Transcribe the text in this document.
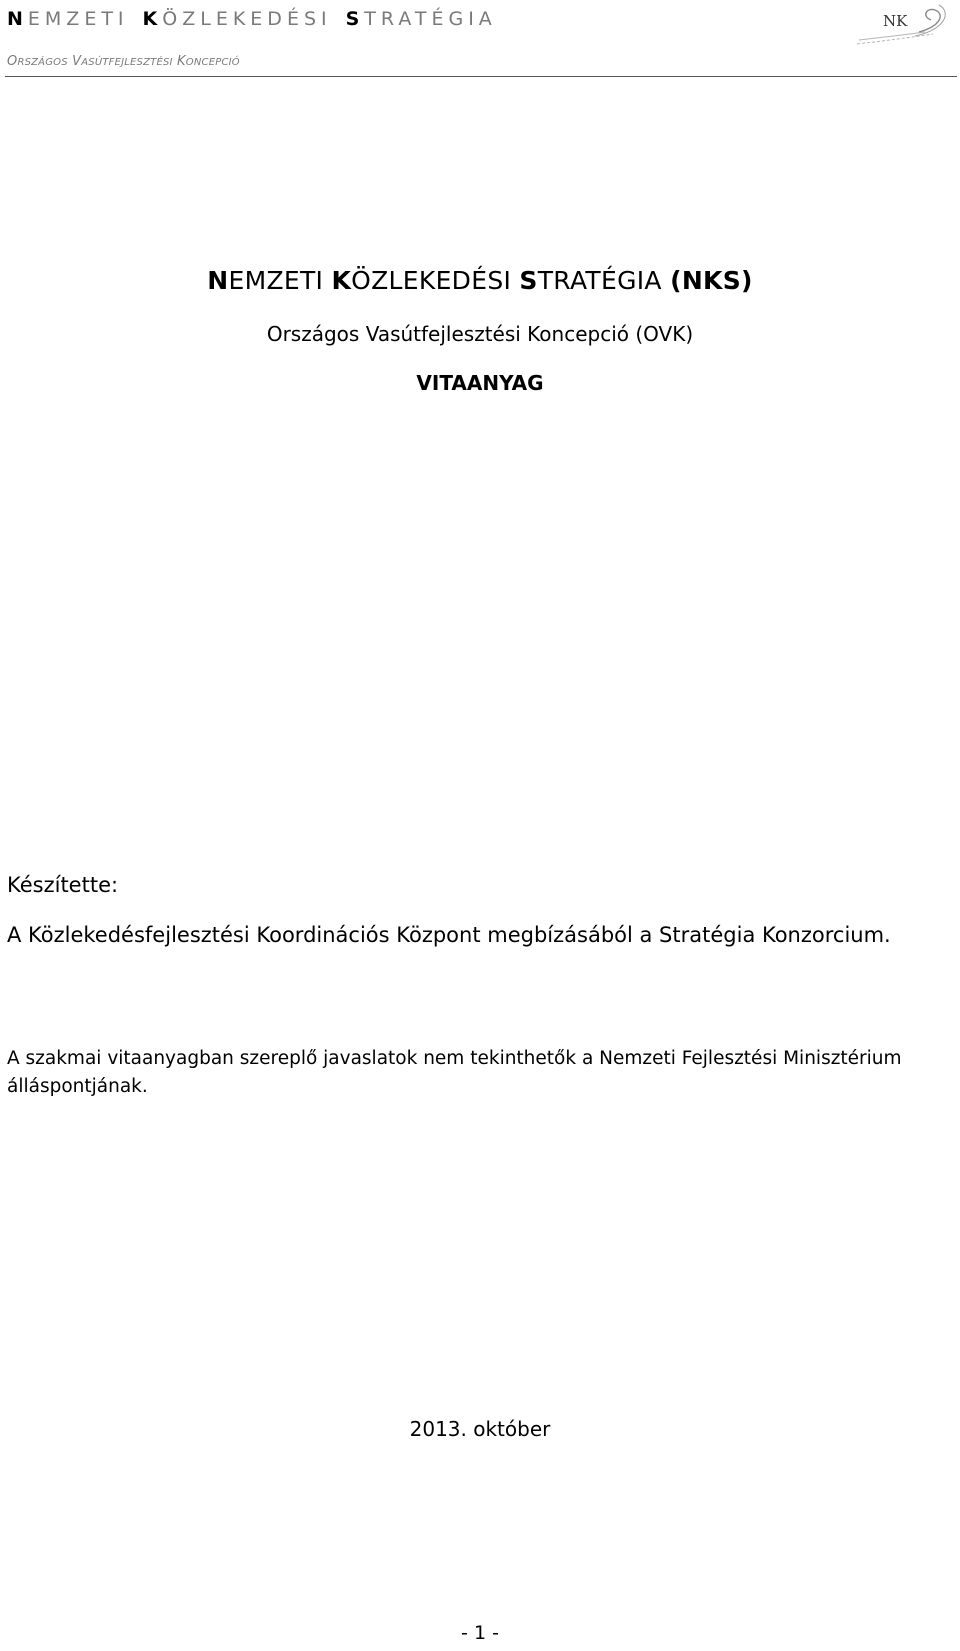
NEMZETI KÖZLEKEDÉSI STRATÉGIA
ORSZÁGOS VASÚTFEJLESZTÉSI KONCEPCIÓ
NK
NEMZETI KÖZLEKEDÉSI STRATÉGIA (NKS)
Országos Vasútfejlesztési Koncepció (OVK)
VITAANYAG
Készítette:
A Közlekedésfejlesztési Koordinációs Központ megbízásából a Stratégia Konzorcium.
A szakmai vitaanyagban szereplő javaslatok nem tekinthetők a Nemzeti Fejlesztési Minisztérium álláspontjának.
2013. október
- 1 -
